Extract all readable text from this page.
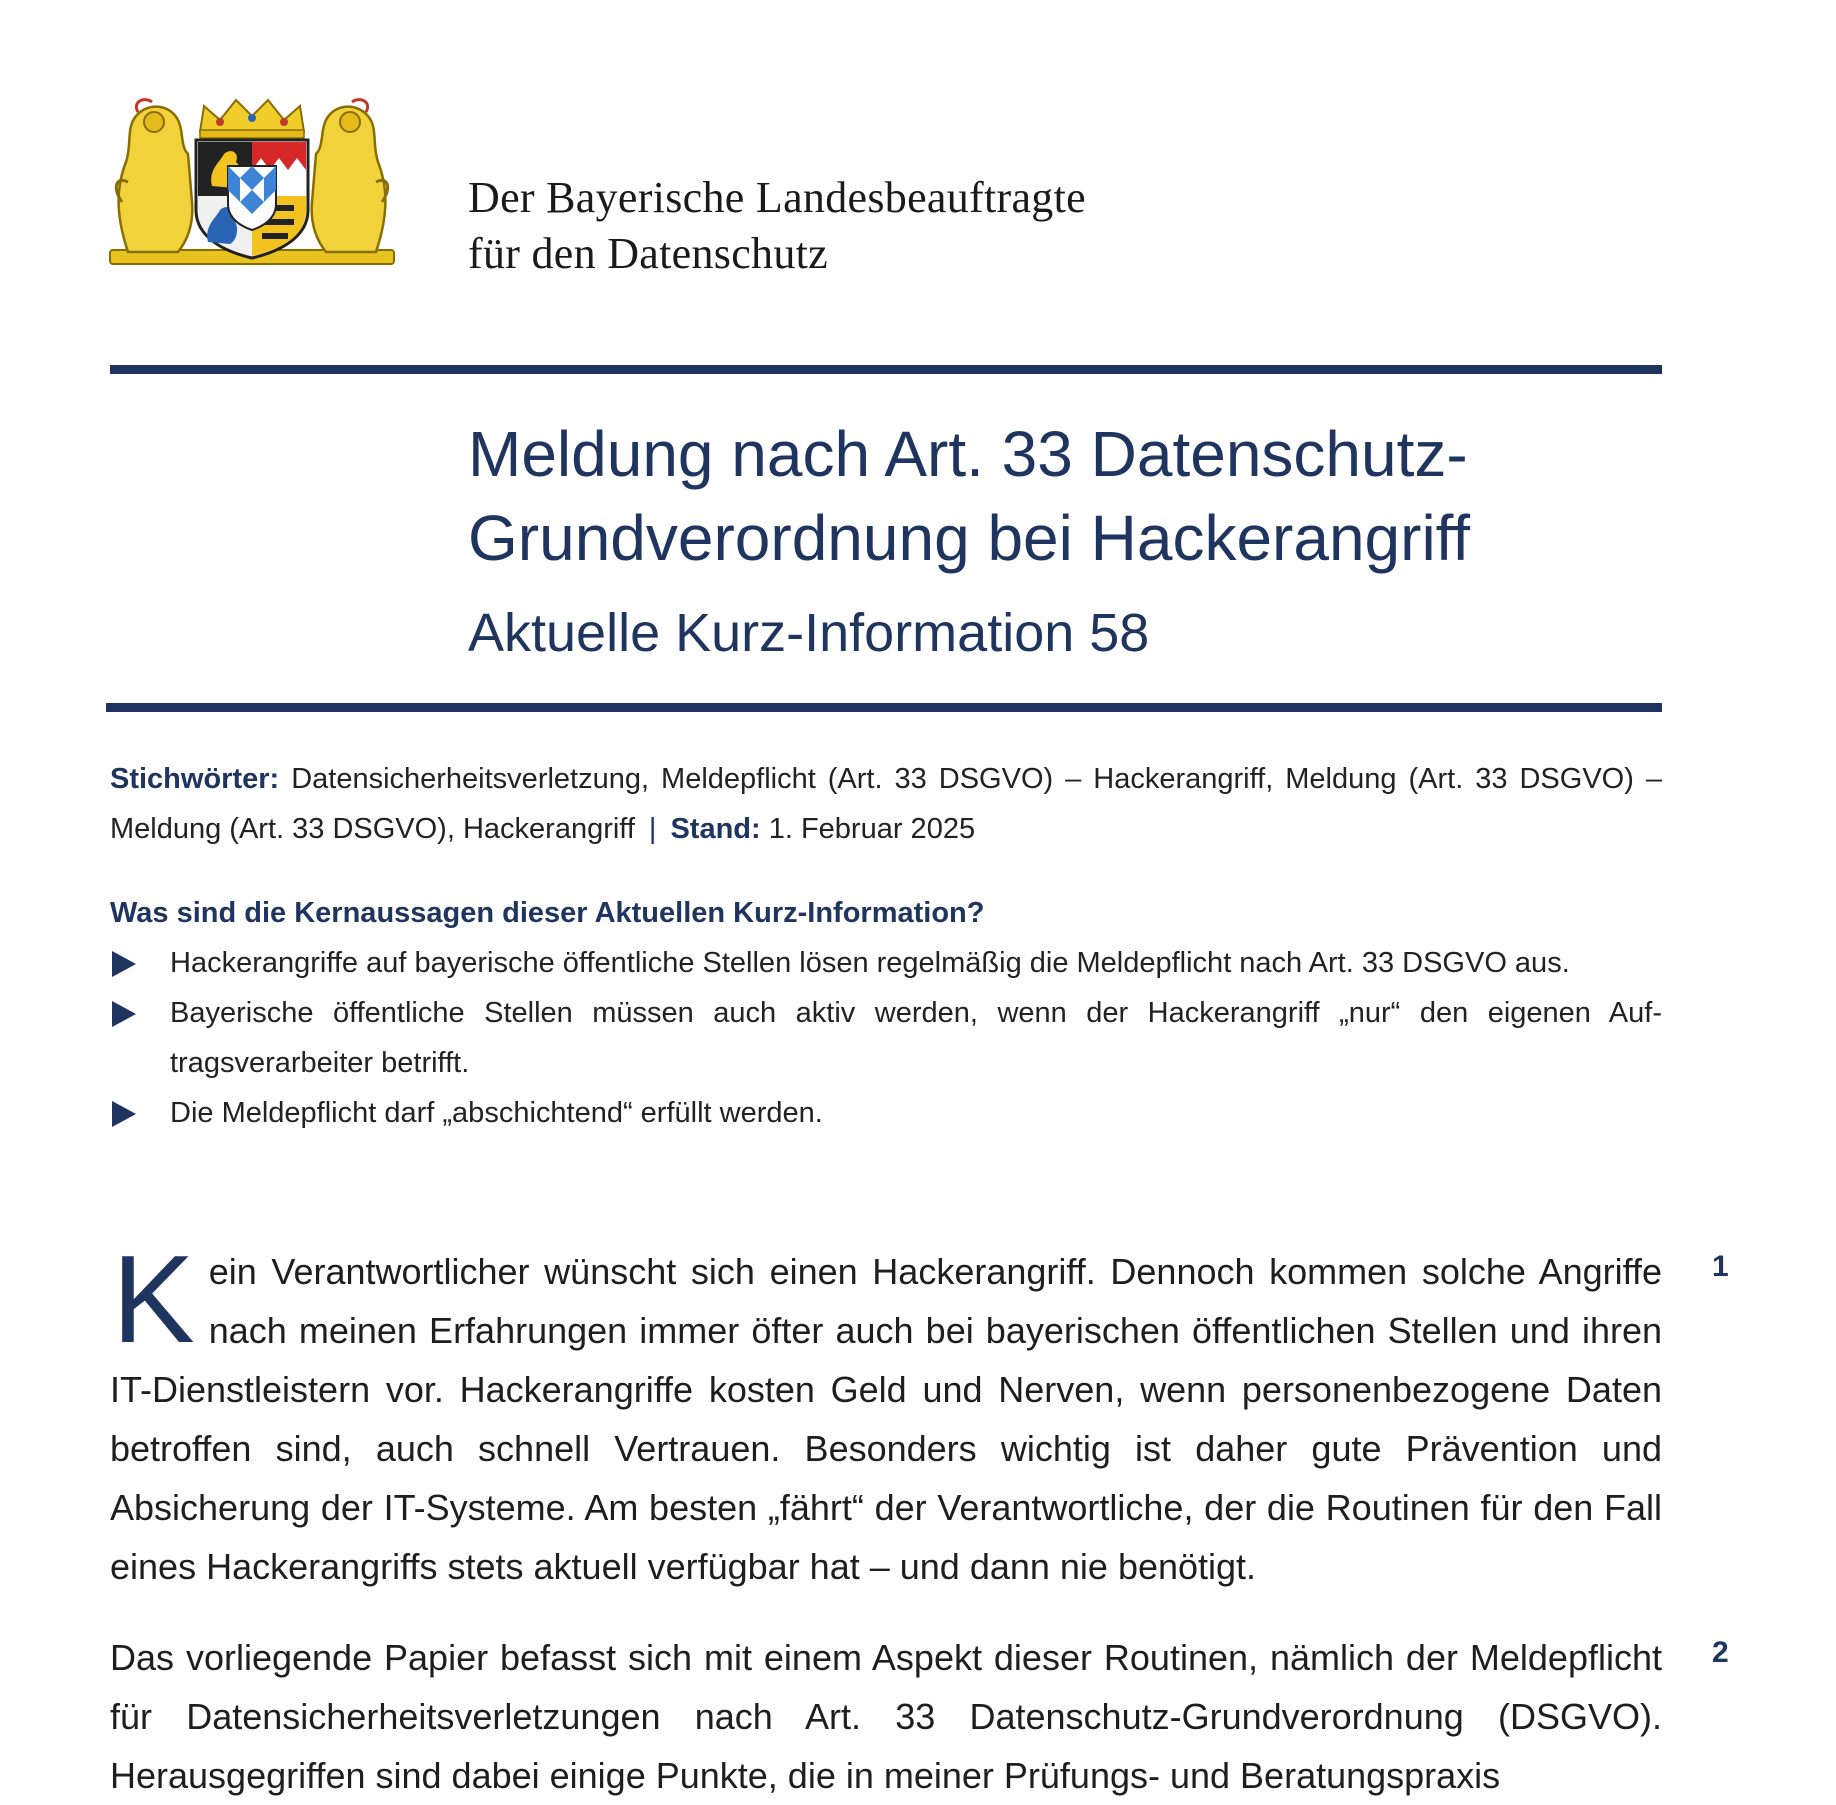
Der Bayerische Landesbeauftragte
für den Datenschutz
Meldung nach Art. 33 Datenschutz-
Grundverordnung bei Hackerangriff
Aktuelle Kurz-Information 58
Stichwörter: Datensicherheitsverletzung, Meldepflicht (Art. 33 DSGVO) – Hackerangriff, Meldung (Art. 33 DSGVO) – Meldung (Art. 33 DSGVO), Hackerangriff | Stand: 1. Februar 2025
Was sind die Kernaussagen dieser Aktuellen Kurz-Information?
Hackerangriffe auf bayerische öffentliche Stellen lösen regelmäßig die Meldepflicht nach Art. 33 DSGVO aus.
Bayerische öffentliche Stellen müssen auch aktiv werden, wenn der Hackerangriff „nur“ den eigenen Auftragsverarbeiter betrifft.
Die Meldepflicht darf „abschichtend“ erfüllt werden.

Kein Verantwortlicher wünscht sich einen Hackerangriff. Dennoch kommen solche Angriffe nach meinen Erfahrungen immer öfter auch bei bayerischen öffentlichen Stellen und ihren IT-Dienstleistern vor. Hackerangriffe kosten Geld und Nerven, wenn personenbezogene Daten betroffen sind, auch schnell Vertrauen. Besonders wichtig ist daher gute Prävention und Absicherung der IT-Systeme. Am besten „fährt“ der Verantwortliche, der die Routinen für den Fall eines Hackerangriffs stets aktuell verfügbar hat – und dann nie benötigt.

1

Das vorliegende Papier befasst sich mit einem Aspekt dieser Routinen, nämlich der Meldepflicht für Datensicherheitsverletzungen nach Art. 33 Datenschutz-Grundverordnung (DSGVO). Herausgegriffen sind dabei einige Punkte, die in meiner Prüfungs- und Beratungspraxis

2
